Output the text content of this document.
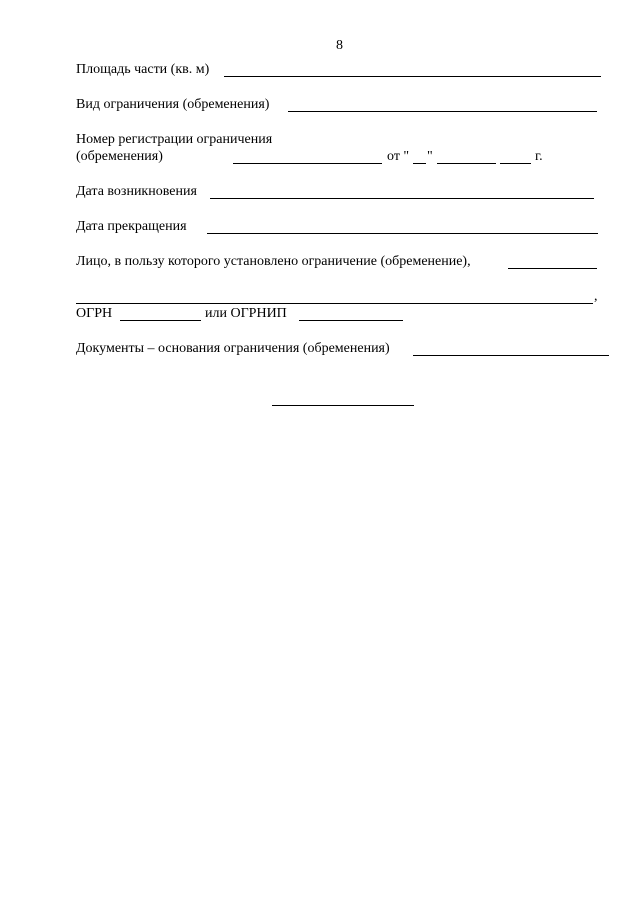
8
Площадь части (кв. м)
Вид ограничения (обременения)
Номер регистрации ограничения
(обременения)	от " "	г.
Дата возникновения
Дата прекращения
Лицо, в пользу которого установлено ограничение (обременение),
,
ОГРН	или ОГРНИП
Документы – основания ограничения (обременения)
